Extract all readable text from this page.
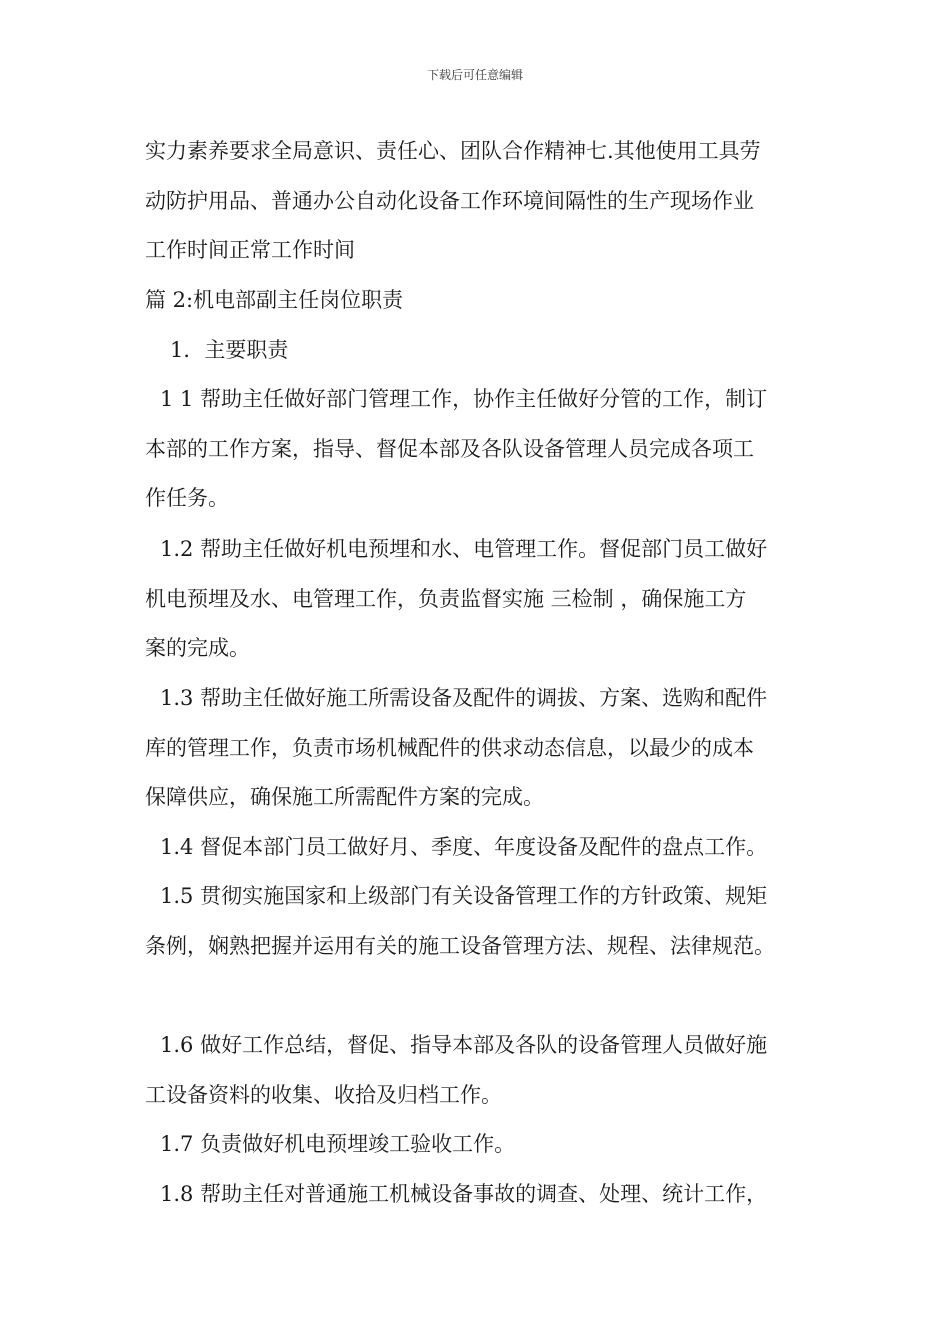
下载后可任意编辑
实力素养要求全局意识、责任心、团队合作精神七.其他使用工具劳
动防护用品、普通办公自动化设备工作环境间隔性的生产现场作业
工作时间正常工作时间
篇 2:机电部副主任岗位职责
1．主要职责
1 1 帮助主任做好部门管理工作，协作主任做好分管的工作，制订
本部的工作方案，指导、督促本部及各队设备管理人员完成各项工
作任务。
1.2 帮助主任做好机电预埋和水、电管理工作。督促部门员工做好
机电预埋及水、电管理工作，负责监督实施 三检制 ，确保施工方
案的完成。
1.3 帮助主任做好施工所需设备及配件的调拔、方案、选购和配件
库的管理工作，负责市场机械配件的供求动态信息，以最少的成本
保障供应，确保施工所需配件方案的完成。
1.4 督促本部门员工做好月、季度、年度设备及配件的盘点工作。
1.5 贯彻实施国家和上级部门有关设备管理工作的方针政策、规矩
条例，娴熟把握并运用有关的施工设备管理方法、规程、法律规范。
1.6 做好工作总结，督促、指导本部及各队的设备管理人员做好施
工设备资料的收集、收拾及归档工作。
1.7 负责做好机电预埋竣工验收工作。
1.8 帮助主任对普通施工机械设备事故的调查、处理、统计工作，
